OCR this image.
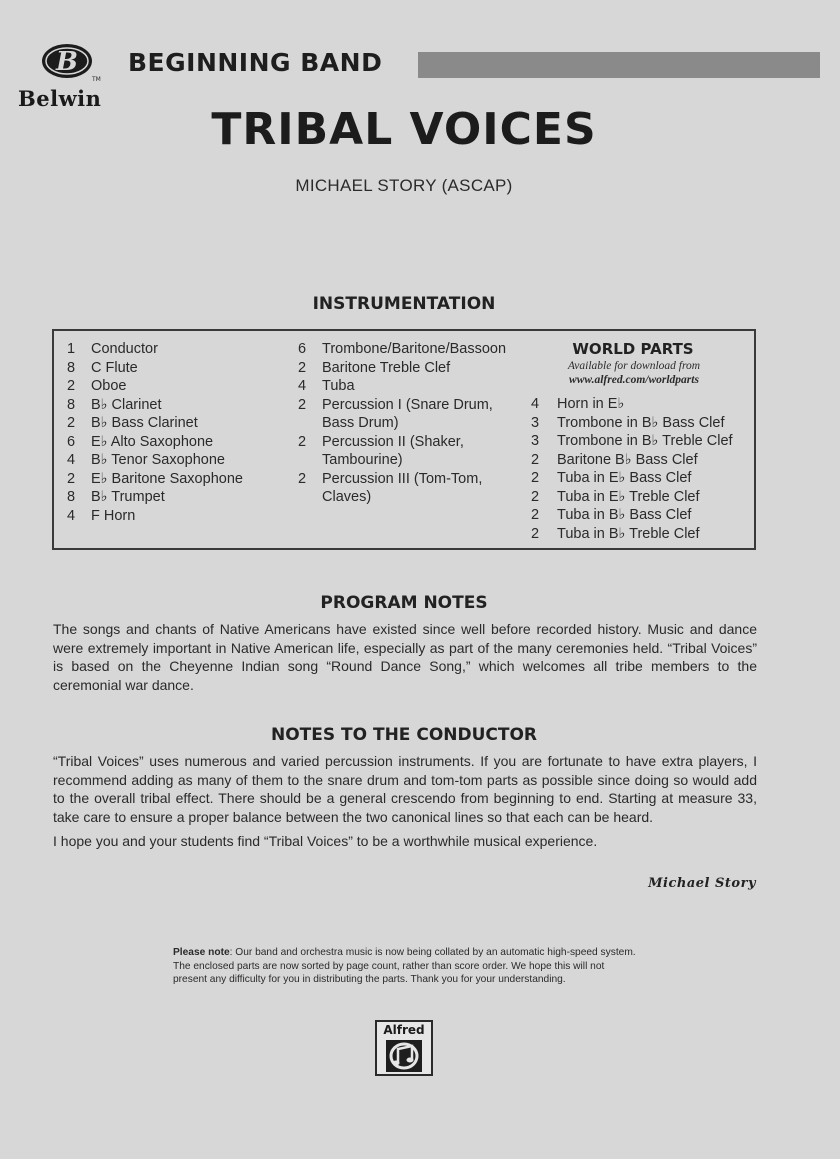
B
TM
Belwin
BEGINNING BAND
TRIBAL VOICES
MICHAEL STORY (ASCAP)
INSTRUMENTATION
1	Conductor
8	C Flute
2	Oboe
8	B♭ Clarinet
2	B♭ Bass Clarinet
6	E♭ Alto Saxophone
4	B♭ Tenor Saxophone
2	E♭ Baritone Saxophone
8	B♭ Trumpet
4	F Horn
6	Trombone/Baritone/Bassoon
2	Baritone Treble Clef
4	Tuba
2	Percussion I (Snare Drum, Bass Drum)
2	Percussion II (Shaker, Tambourine)
2	Percussion III (Tom-Tom, Claves)
WORLD PARTS
Available for download from
www.alfred.com/worldparts
4	Horn in E♭
3	Trombone in B♭ Bass Clef
3	Trombone in B♭ Treble Clef
2	Baritone B♭ Bass Clef
2	Tuba in E♭ Bass Clef
2	Tuba in E♭ Treble Clef
2	Tuba in B♭ Bass Clef
2	Tuba in B♭ Treble Clef
PROGRAM NOTES

The songs and chants of Native Americans have existed since well before recorded history. Music and dance were extremely important in Native American life, especially as part of the many ceremonies held. “Tribal Voices” is based on the Cheyenne Indian song “Round Dance Song,” which welcomes all tribe members to the ceremonial war dance.

NOTES TO THE CONDUCTOR

“Tribal Voices” uses numerous and varied percussion instruments. If you are fortunate to have extra players, I recommend adding as many of them to the snare drum and tom-tom parts as possible since doing so would add to the overall tribal effect. There should be a general crescendo from beginning to end. Starting at measure 33, take care to ensure a proper balance between the two canonical lines so that each can be heard.

I hope you and your students find “Tribal Voices” to be a worthwhile musical experience.

Michael Story

Please note: Our band and orchestra music is now being collated by an automatic high-speed system. The enclosed parts are now sorted by page count, rather than score order. We hope this will not present any difficulty for you in distributing the parts. Thank you for your understanding.

Alfred
